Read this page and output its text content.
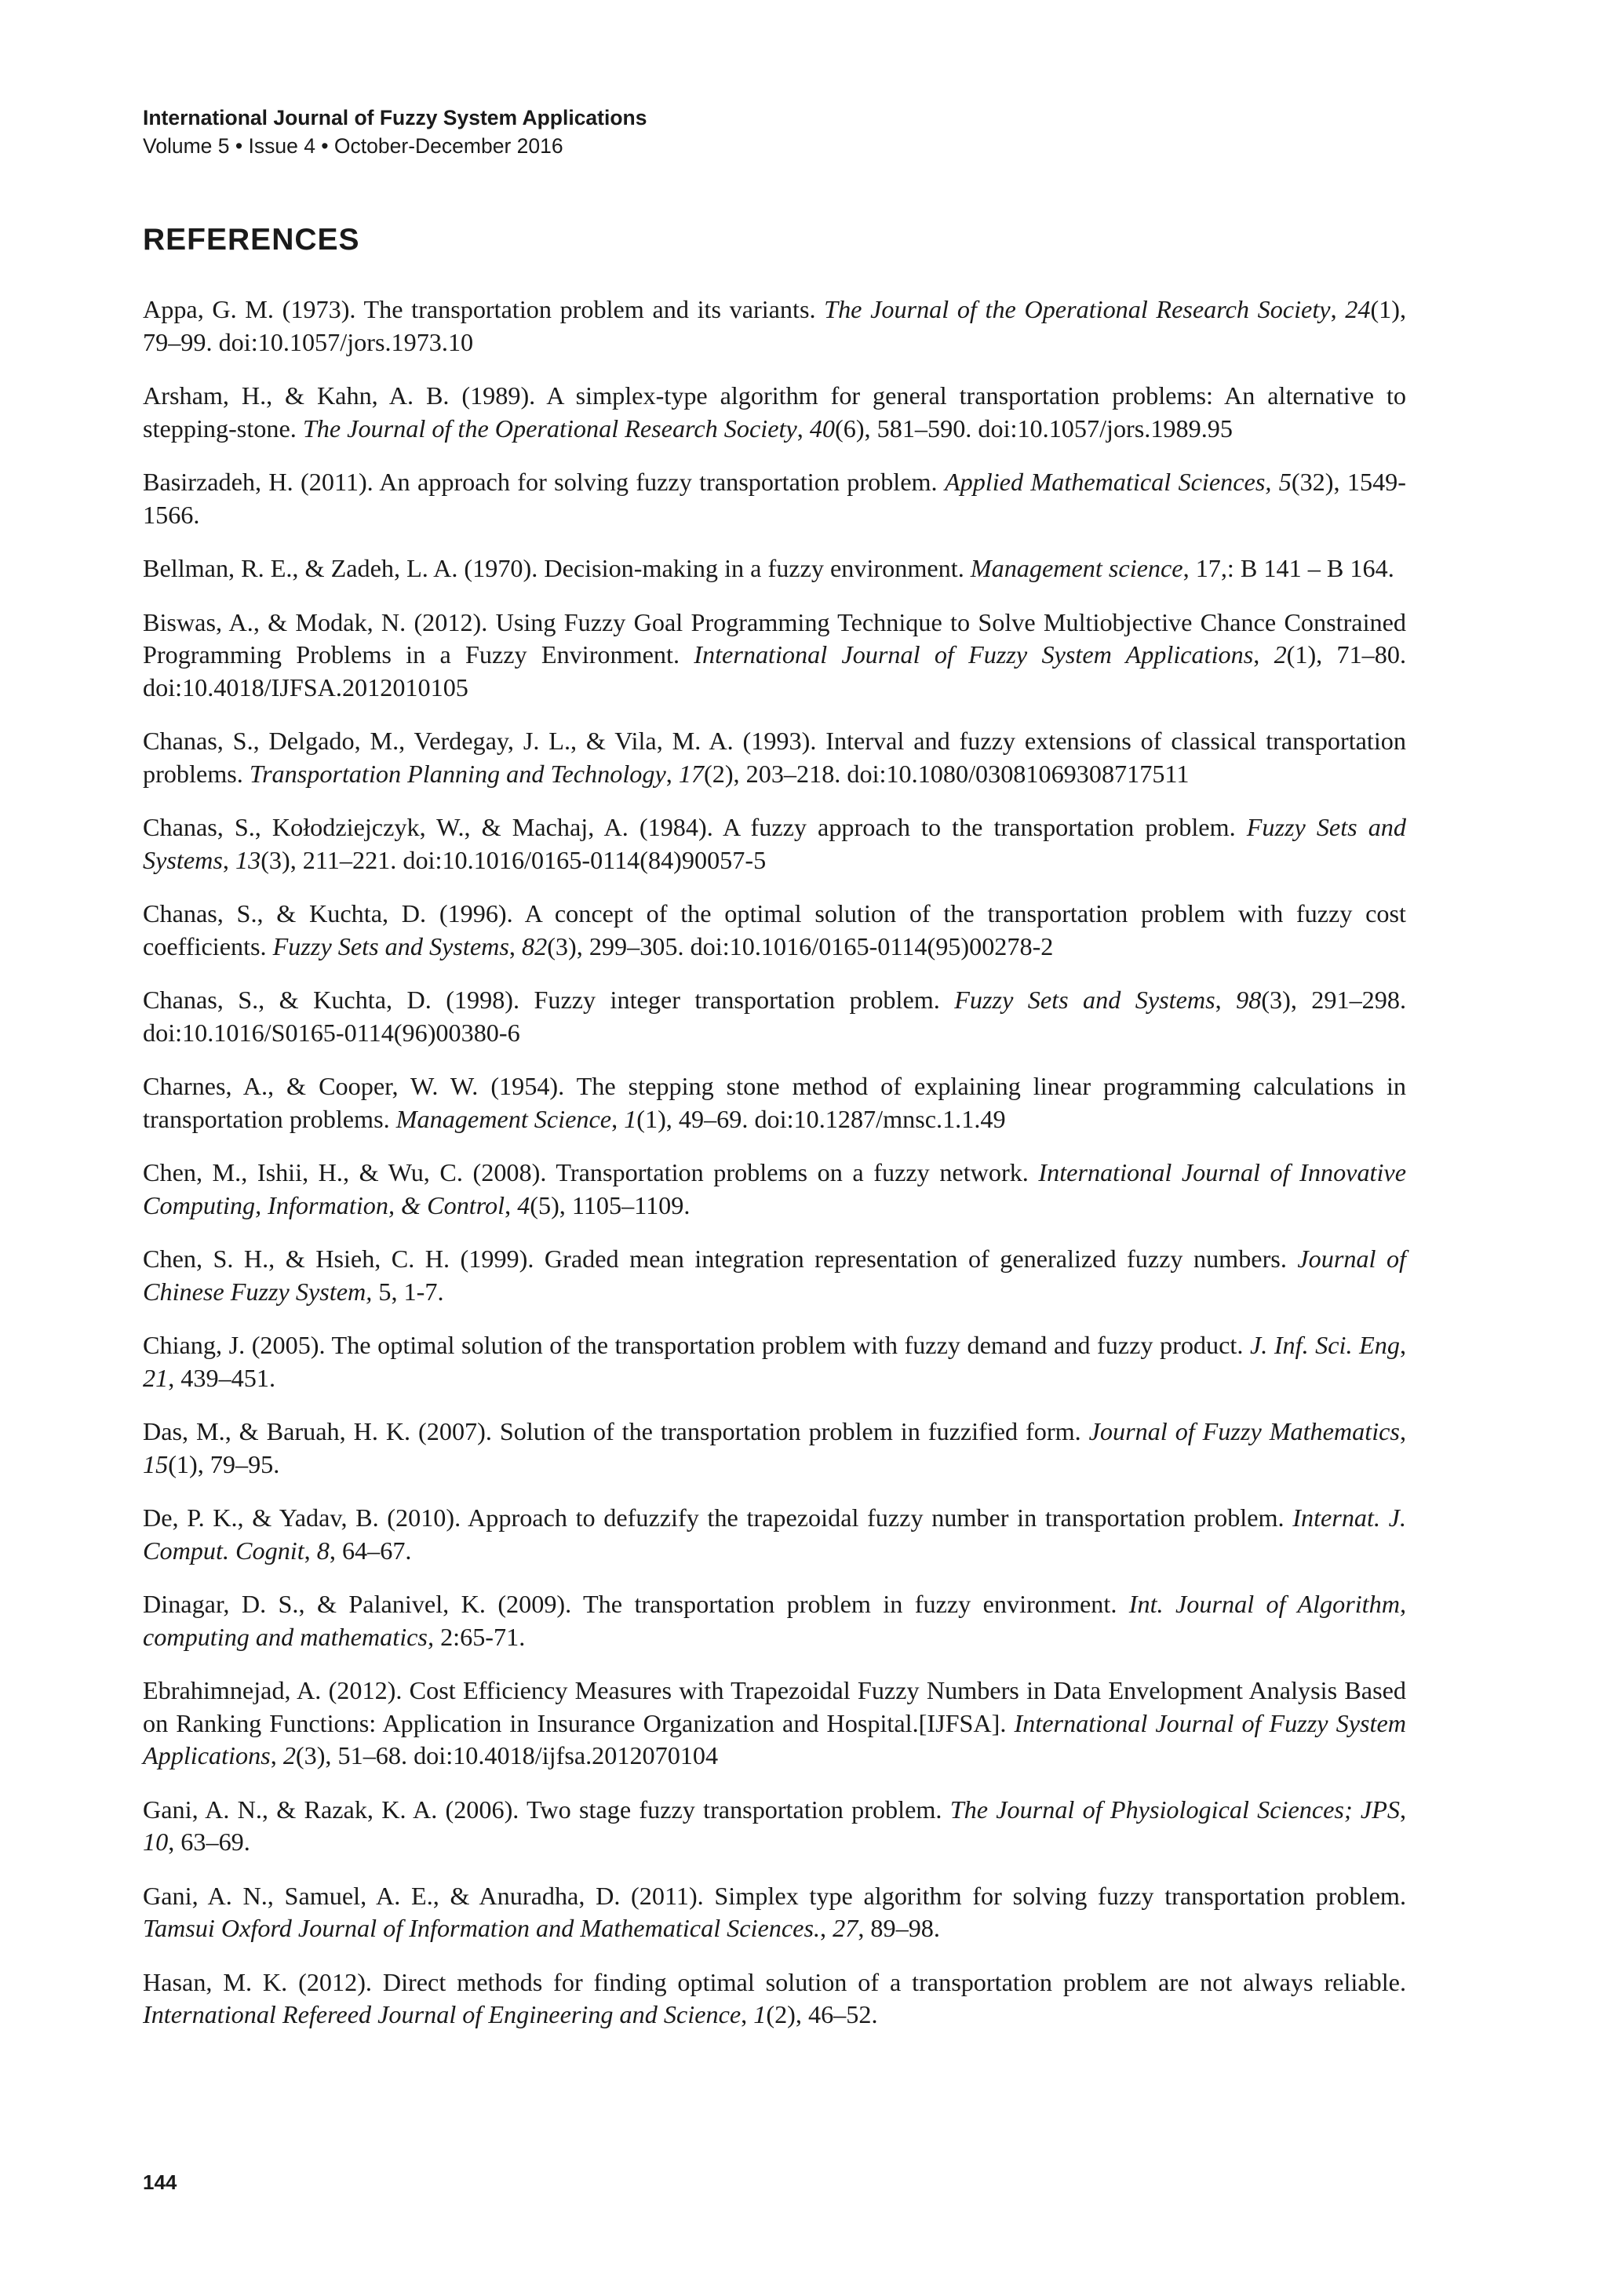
International Journal of Fuzzy System Applications
Volume 5 • Issue 4 • October-December 2016
REFERENCES
Appa, G. M. (1973). The transportation problem and its variants. The Journal of the Operational Research Society, 24(1), 79–99. doi:10.1057/jors.1973.10
Arsham, H., & Kahn, A. B. (1989). A simplex-type algorithm for general transportation problems: An alternative to stepping-stone. The Journal of the Operational Research Society, 40(6), 581–590. doi:10.1057/jors.1989.95
Basirzadeh, H. (2011). An approach for solving fuzzy transportation problem. Applied Mathematical Sciences, 5(32), 1549-1566.
Bellman, R. E., & Zadeh, L. A. (1970). Decision-making in a fuzzy environment. Management science, 17,: B 141 – B 164.
Biswas, A., & Modak, N. (2012). Using Fuzzy Goal Programming Technique to Solve Multiobjective Chance Constrained Programming Problems in a Fuzzy Environment. International Journal of Fuzzy System Applications, 2(1), 71–80. doi:10.4018/IJFSA.2012010105
Chanas, S., Delgado, M., Verdegay, J. L., & Vila, M. A. (1993). Interval and fuzzy extensions of classical transportation problems. Transportation Planning and Technology, 17(2), 203–218. doi:10.1080/03081069308717511
Chanas, S., Kołodziejczyk, W., & Machaj, A. (1984). A fuzzy approach to the transportation problem. Fuzzy Sets and Systems, 13(3), 211–221. doi:10.1016/0165-0114(84)90057-5
Chanas, S., & Kuchta, D. (1996). A concept of the optimal solution of the transportation problem with fuzzy cost coefficients. Fuzzy Sets and Systems, 82(3), 299–305. doi:10.1016/0165-0114(95)00278-2
Chanas, S., & Kuchta, D. (1998). Fuzzy integer transportation problem. Fuzzy Sets and Systems, 98(3), 291–298. doi:10.1016/S0165-0114(96)00380-6
Charnes, A., & Cooper, W. W. (1954). The stepping stone method of explaining linear programming calculations in transportation problems. Management Science, 1(1), 49–69. doi:10.1287/mnsc.1.1.49
Chen, M., Ishii, H., & Wu, C. (2008). Transportation problems on a fuzzy network. International Journal of Innovative Computing, Information, & Control, 4(5), 1105–1109.
Chen, S. H., & Hsieh, C. H. (1999). Graded mean integration representation of generalized fuzzy numbers. Journal of Chinese Fuzzy System, 5, 1-7.
Chiang, J. (2005). The optimal solution of the transportation problem with fuzzy demand and fuzzy product. J. Inf. Sci. Eng, 21, 439–451.
Das, M., & Baruah, H. K. (2007). Solution of the transportation problem in fuzzified form. Journal of Fuzzy Mathematics, 15(1), 79–95.
De, P. K., & Yadav, B. (2010). Approach to defuzzify the trapezoidal fuzzy number in transportation problem. Internat. J. Comput. Cognit, 8, 64–67.
Dinagar, D. S., & Palanivel, K. (2009). The transportation problem in fuzzy environment. Int. Journal of Algorithm, computing and mathematics, 2:65-71.
Ebrahimnejad, A. (2012). Cost Efficiency Measures with Trapezoidal Fuzzy Numbers in Data Envelopment Analysis Based on Ranking Functions: Application in Insurance Organization and Hospital.[IJFSA]. International Journal of Fuzzy System Applications, 2(3), 51–68. doi:10.4018/ijfsa.2012070104
Gani, A. N., & Razak, K. A. (2006). Two stage fuzzy transportation problem. The Journal of Physiological Sciences; JPS, 10, 63–69.
Gani, A. N., Samuel, A. E., & Anuradha, D. (2011). Simplex type algorithm for solving fuzzy transportation problem. Tamsui Oxford Journal of Information and Mathematical Sciences., 27, 89–98.
Hasan, M. K. (2012). Direct methods for finding optimal solution of a transportation problem are not always reliable. International Refereed Journal of Engineering and Science, 1(2), 46–52.
144
